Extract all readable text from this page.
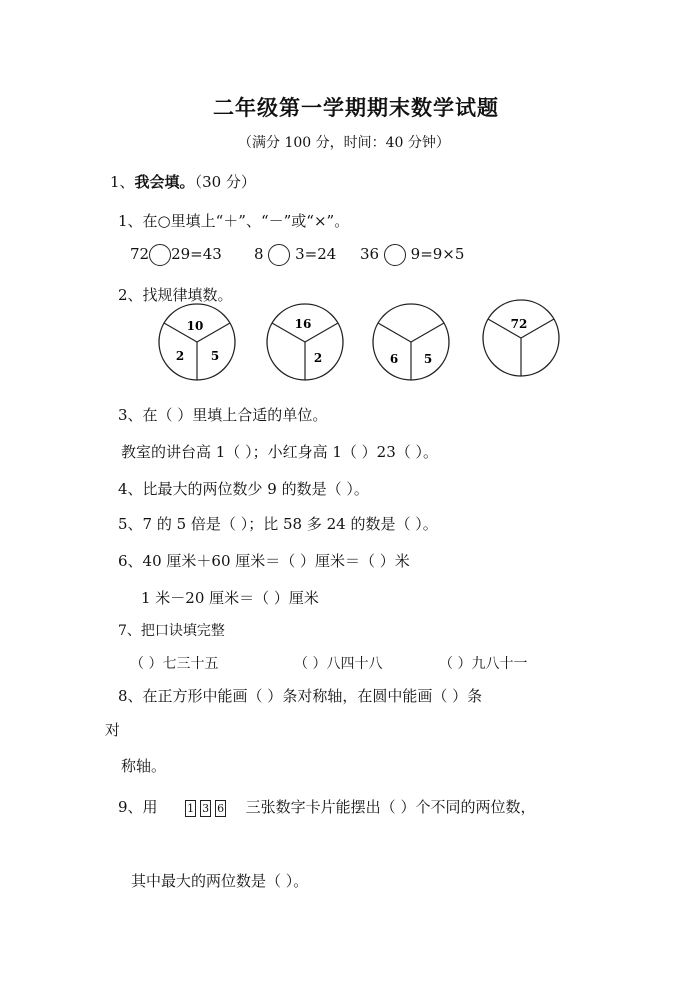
二年级第一学期期末数学试题
（满分 100 分，时间：40 分钟）
1、我会填。（30 分）
1、在○里填上“＋”、“－”或“×”。
72 29=43 8 3=24 36 9=9×5
2、找规律填数。
10
2 5
16
2	6 5
72
3、在（ ）里填上合适的单位。
教室的讲台高 1（ ）；小红身高 1（ ）23（ ）。
4、比最大的两位数少 9 的数是（ ）。
5、7 的 5 倍是（ ）；比 58 多 24 的数是（ ）。
6、40 厘米＋60 厘米＝（ ）厘米＝（ ）米
1 米－20 厘米＝（ ）厘米
7、把口诀填完整
（ ）七三十五	（ ）八四十八	（ ）九八十一
8、在正方形中能画（ ）条对称轴，在圆中能画（ ）条
对
称轴。
9、用	1 3 6 三张数字卡片能摆出（ ）个不同的两位数，
其中最大的两位数是（ ）。
